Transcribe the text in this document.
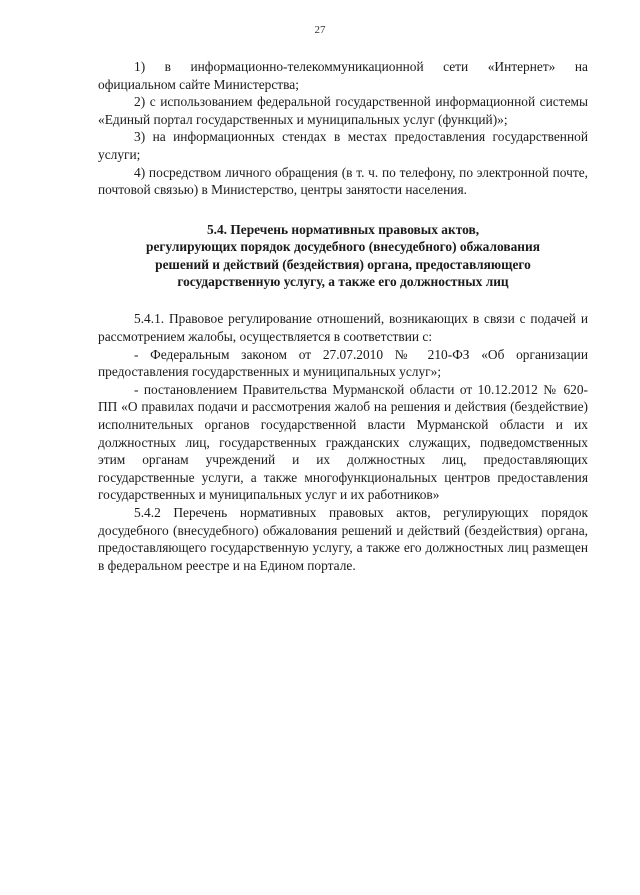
27

1) в информационно-телекоммуникационной сети «Интернет» на официальном сайте Министерства;

2) с использованием федеральной государственной информационной системы «Единый портал государственных и муниципальных услуг (функций)»;

3) на информационных стендах в местах предоставления государственной услуги;

4) посредством личного обращения (в т. ч. по телефону, по электронной почте, почтовой связью) в Министерство, центры занятости населения.

5.4. Перечень нормативных правовых актов,
регулирующих порядок досудебного (внесудебного) обжалования
решений и действий (бездействия) органа, предоставляющего
государственную услугу, а также его должностных лиц

5.4.1. Правовое регулирование отношений, возникающих в связи с подачей и рассмотрением жалобы, осуществляется в соответствии с:

- Федеральным законом от 27.07.2010 № 210-ФЗ «Об организации предоставления государственных и муниципальных услуг»;

- постановлением Правительства Мурманской области от 10.12.2012 № 620-ПП «О правилах подачи и рассмотрения жалоб на решения и действия (бездействие) исполнительных органов государственной власти Мурманской области и их должностных лиц, государственных гражданских служащих, подведомственных этим органам учреждений и их должностных лиц, предоставляющих государственные услуги, а также многофункциональных центров предоставления государственных и муниципальных услуг и их работников»

5.4.2 Перечень нормативных правовых актов, регулирующих порядок досудебного (внесудебного) обжалования решений и действий (бездействия) органа, предоставляющего государственную услугу, а также его должностных лиц размещен в федеральном реестре и на Едином портале.
